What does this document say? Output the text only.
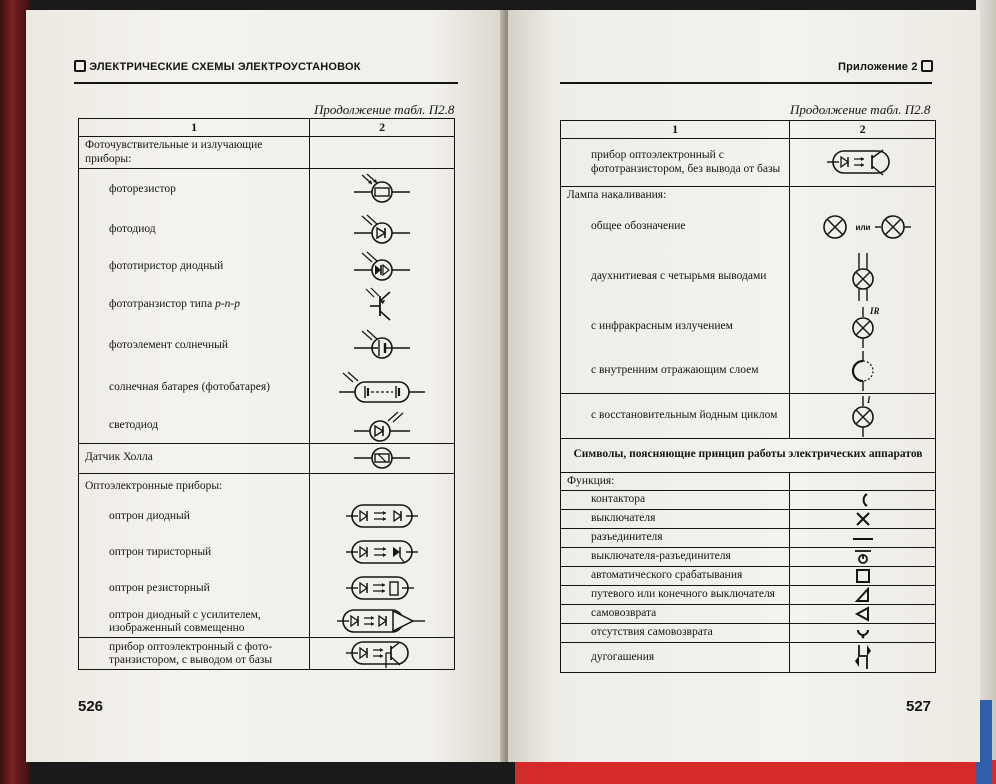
ЭЛЕКТРИЧЕСКИЕ СХЕМЫ ЭЛЕКТРОУСТАНОВОК
Продолжение табл. П2.8
1	2
Фоточувствительные и излучающие приборы:	
фоторезистор	

фотодиод	

фототиристор диодный	

фототранзистор типа p-n-p	

фотоэлемент солнечный	

солнечная батарея (фотобатарея)	

светодиод	

Датчик Холла	

Оптоэлектронные приборы:	
оптрон диодный	

оптрон тиристорный	

оптрон резисторный	

оптрон диодный с усилителем, изображенный совмещенно	

прибор оптоэлектронный с фото-транзистором, с выводом от базы	
526
Приложение 2
Продолжение табл. П2.8
1	2
прибор оптоэлектронный с фототранзистором, без вывода от базы	

Лампа накаливания:	
общее обозначение	или

даухнитиевая с четырьмя выводами	

с инфракрасным излучением	IR

с внутренним отражающим слоем	

с восстановительным йодным циклом	I

Символы, поясняющие принцип работы электрических аппаратов	
Функция:	
контактора	

выключателя	

разъединителя	

выключателя-разъединителя	

автоматического срабатывания	

путевого или конечного выключателя	

самовозврата	

отсутствия самовозврата	

дугогашения	
527
